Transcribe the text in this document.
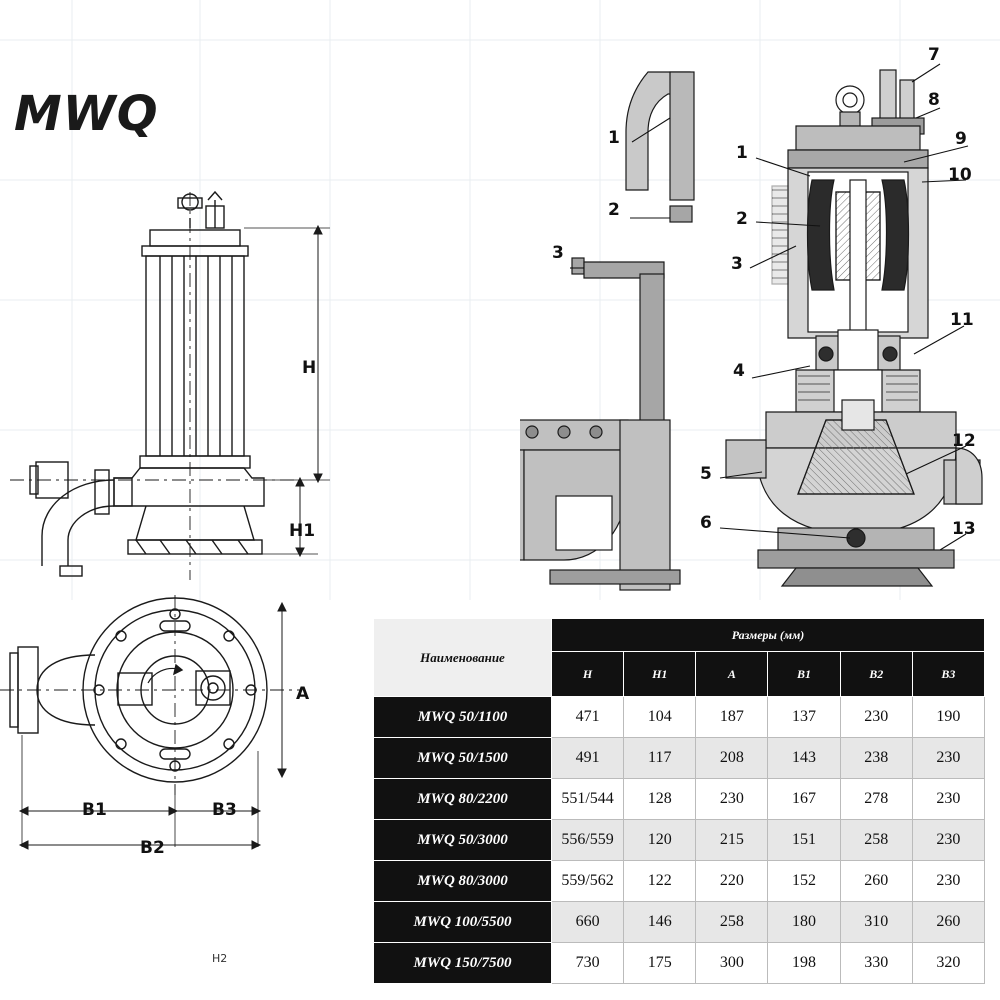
MWQ
H
H1
A
B1	B3
B2
1
2
3
1
2
3
4
5
6
7
8
9
10
11
12
13
Н2
Наименование	Размеры (мм)					
	H	H1	A	B1	B2	B3
MWQ 50/1100	471	104	187	137	230	190
MWQ 50/1500	491	117	208	143	238	230
MWQ 80/2200	551/544	128	230	167	278	230
MWQ 50/3000	556/559	120	215	151	258	230
MWQ 80/3000	559/562	122	220	152	260	230
MWQ 100/5500	660	146	258	180	310	260
MWQ 150/7500	730	175	300	198	330	320
